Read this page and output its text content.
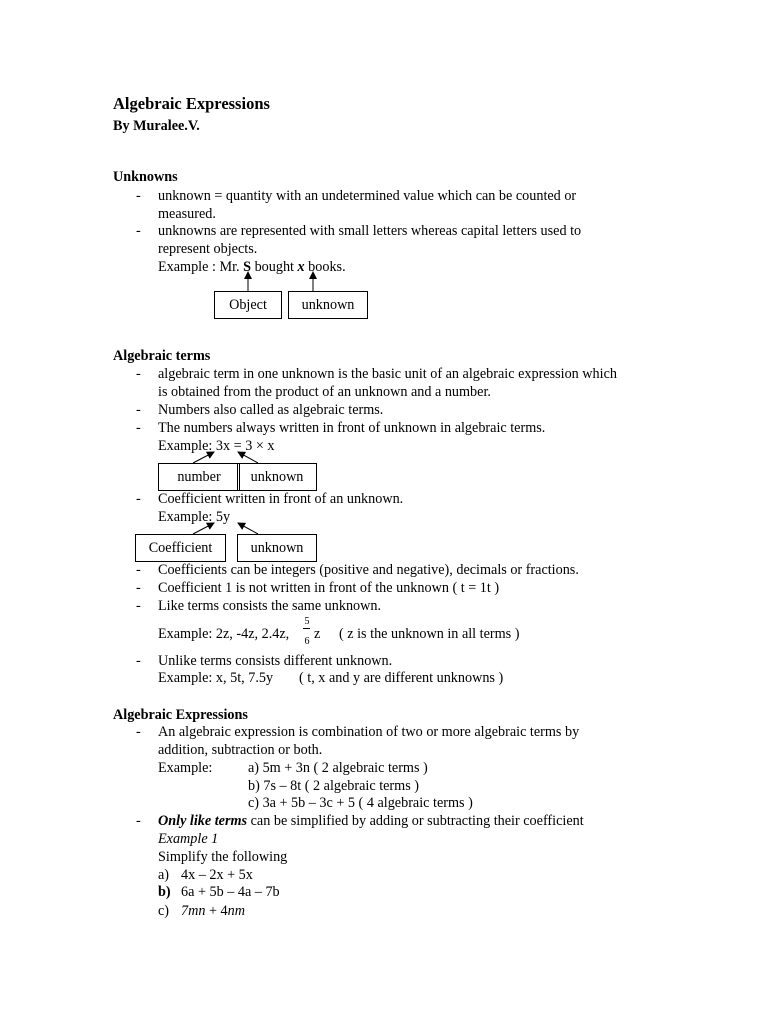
Algebraic Expressions
By Muralee.V.
Unknowns
- unknown = quantity with an undetermined value which can be counted or
measured.
- unknowns are represented with small letters whereas capital letters used to
represent objects.
Example : Mr. S bought x books.
Object	unknown
Algebraic terms
- algebraic term in one unknown is the basic unit of an algebraic expression which
is obtained from the product of an unknown and a number.
- Numbers also called as algebraic terms.
- The numbers always written in front of unknown in algebraic terms.
Example: 3x = 3 × x
number	unknown
- Coefficient written in front of an unknown.
Example: 5y
Coefficient	unknown
- Coefficients can be integers (positive and negative), decimals or fractions.
- Coefficient 1 is not written in front of the unknown ( t = 1t )
- Like terms consists the same unknown.
Example: 2z, -4z, 2.4z,
5
6 z ( z is the unknown in all terms )
- Unlike terms consists different unknown.
Example: x, 5t, 7.5y ( t, x and y are different unknowns )
Algebraic Expressions
- An algebraic expression is combination of two or more algebraic terms by
addition, subtraction or both.
Example:	a) 5m + 3n ( 2 algebraic terms )
b) 7s – 8t ( 2 algebraic terms )
c) 3a + 5b – 3c + 5 ( 4 algebraic terms )
- Only like terms can be simplified by adding or subtracting their coefficient
Example 1
Simplify the following
a) 4x – 2x + 5x
b) 6a + 5b – 4a – 7b
c) 7mn + 4nm
